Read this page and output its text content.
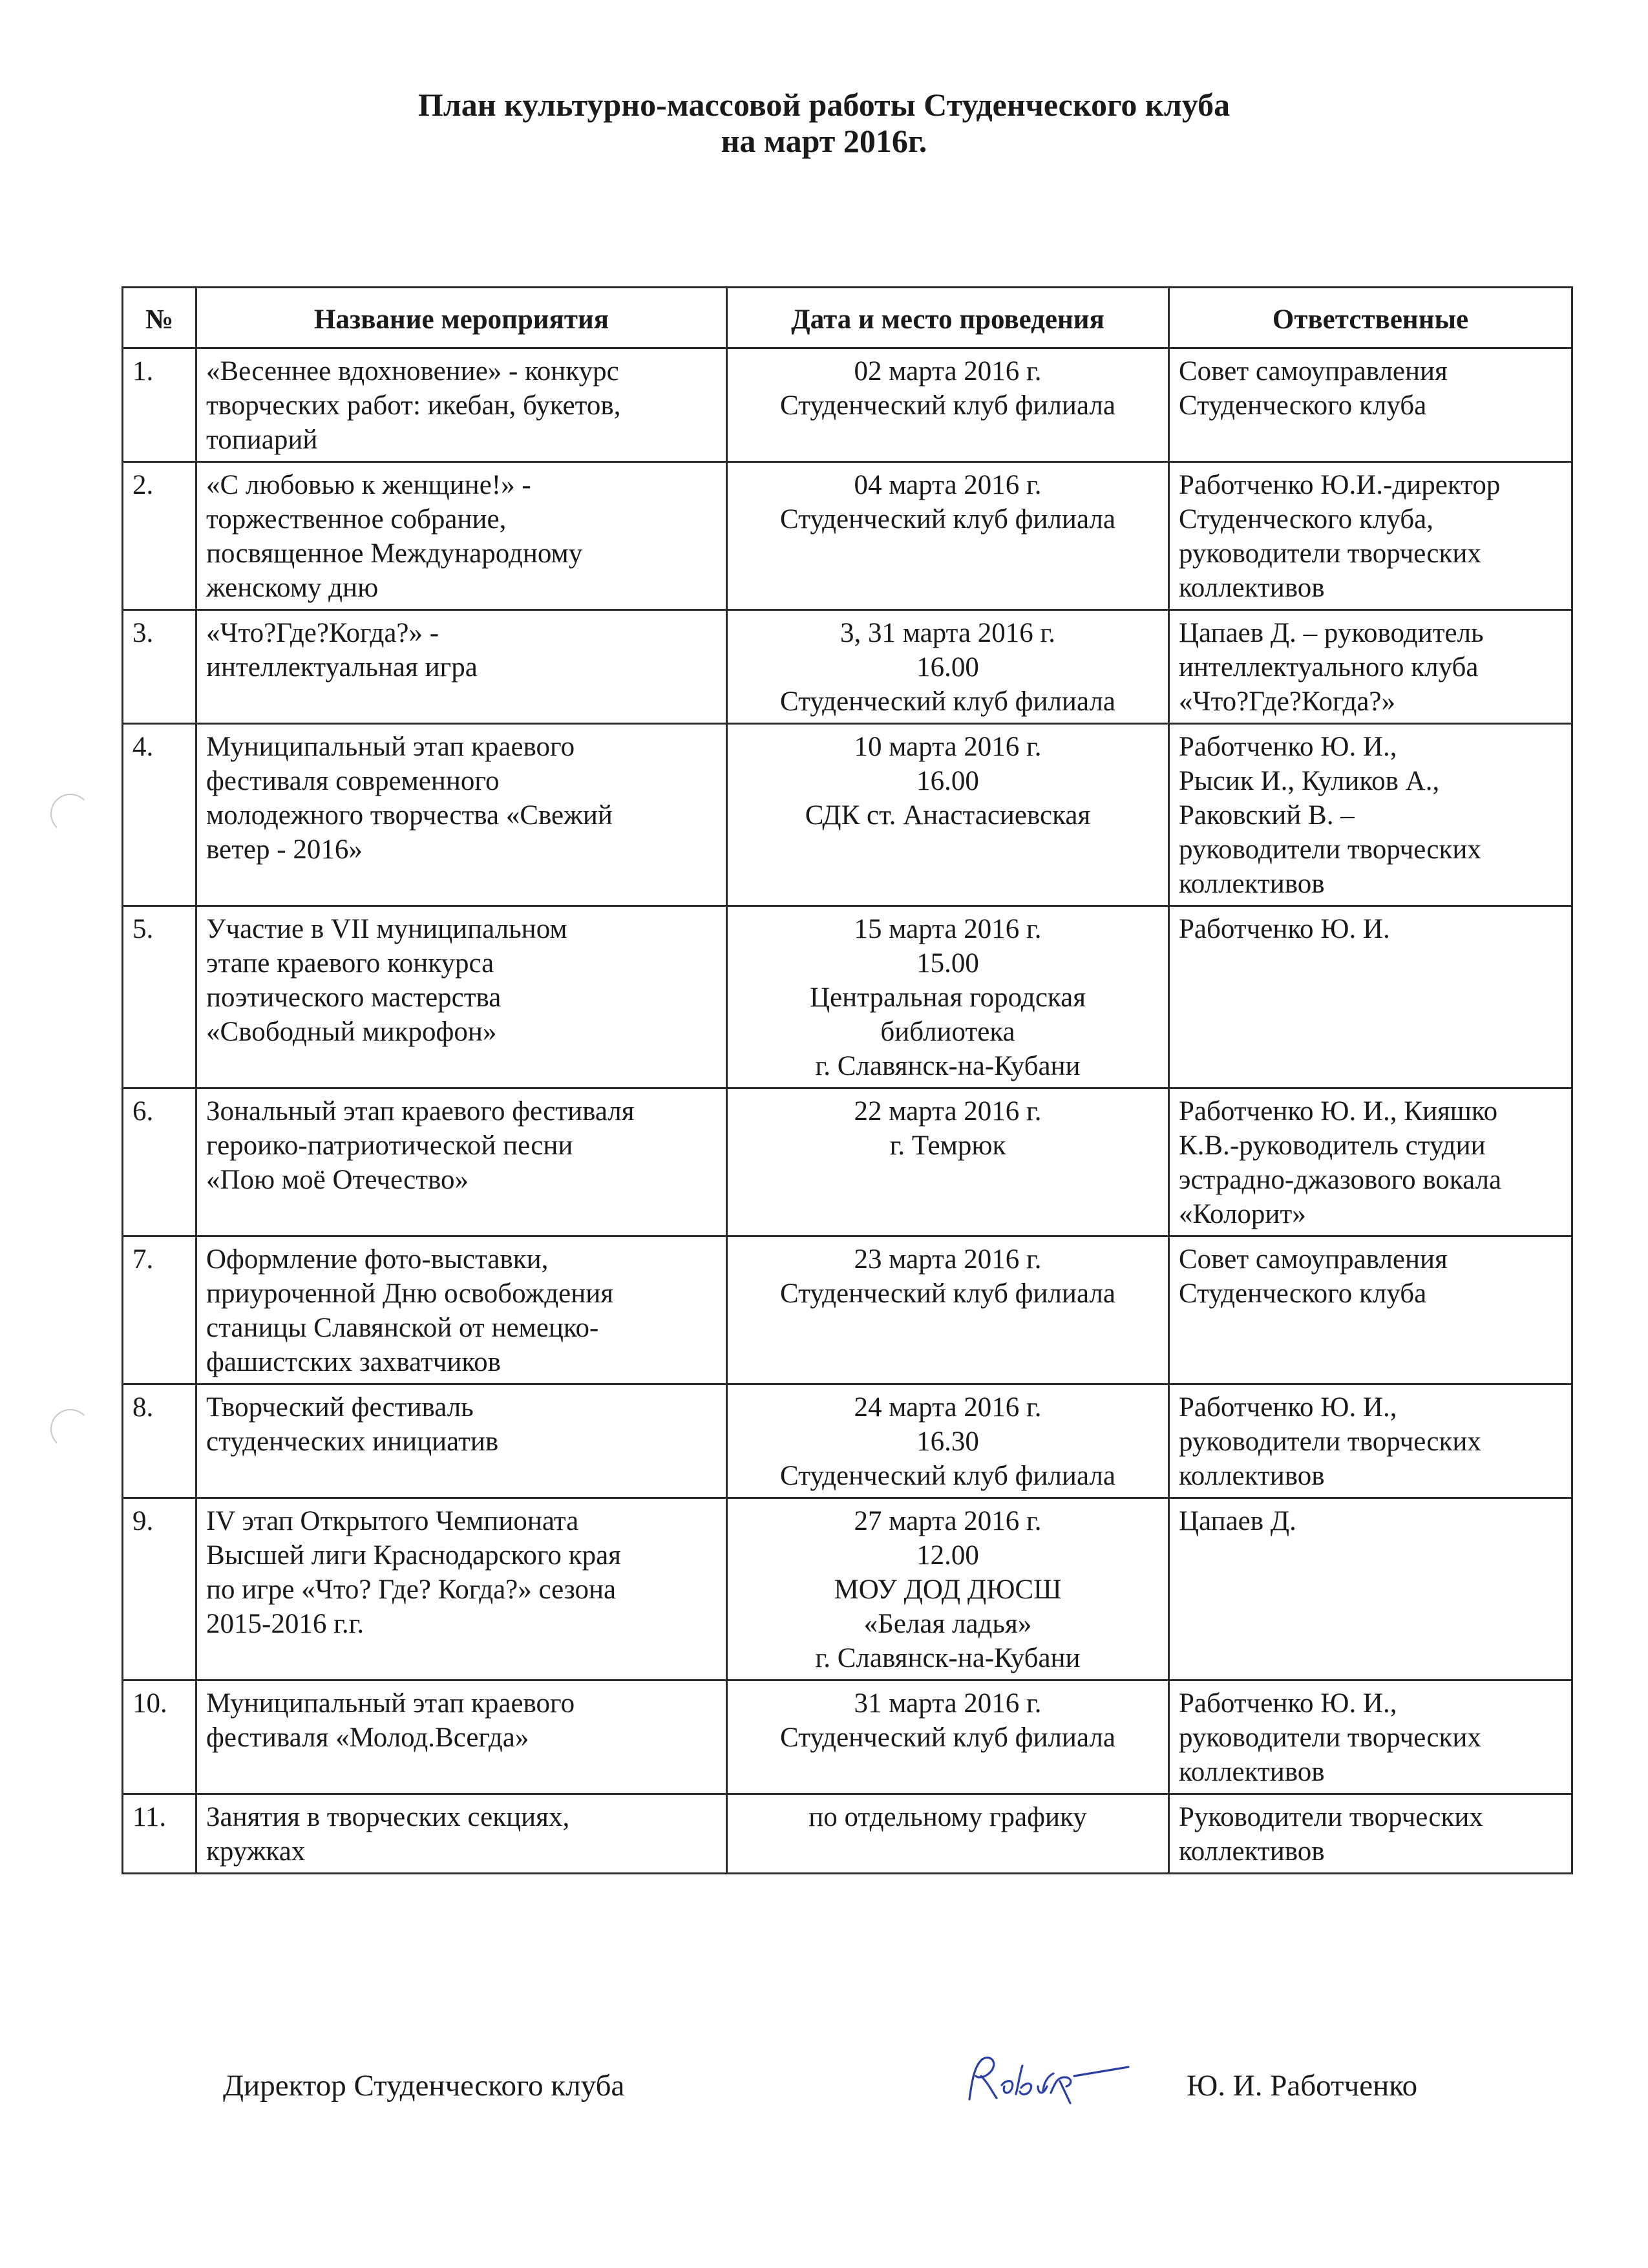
План культурно-массовой работы Студенческого клуба
на март 2016г.
№	Название мероприятия	Дата и место проведения	Ответственные
1.	«Весеннее вдохновение» - конкурс
творческих работ: икебан, букетов,
топиарий	02 марта 2016 г.
Студенческий клуб филиала	Совет самоуправления
Студенческого клуба

2.	«С любовью к женщине!» -
торжественное собрание,
посвященное Международному
женскому дню	04 марта 2016 г.
Студенческий клуб филиала	Работченко Ю.И.-директор
Студенческого клуба,
руководители творческих
коллективов

3.	«Что?Где?Когда?» -
интеллектуальная игра	3, 31 марта 2016 г.
16.00
Студенческий клуб филиала	Цапаев Д. – руководитель
интеллектуального клуба
«Что?Где?Когда?»

4.	Муниципальный этап краевого
фестиваля современного
молодежного творчества «Свежий
ветер - 2016»	10 марта 2016 г.
16.00
СДК ст. Анастасиевская	Работченко Ю. И.,
Рысик И., Куликов А.,
Раковский В. –
руководители творческих
коллективов

5.	Участие в VII муниципальном
этапе краевого конкурса
поэтического мастерства
«Свободный микрофон»	15 марта 2016 г.
15.00
Центральная городская
библиотека
г. Славянск-на-Кубани	Работченко Ю. И.

6.	Зональный этап краевого фестиваля
героико-патриотической песни
«Пою моё Отечество»	22 марта 2016 г.
г. Темрюк	Работченко Ю. И., Кияшко
К.В.-руководитель студии
эстрадно-джазового вокала
«Колорит»

7.	Оформление фото-выставки,
приуроченной Дню освобождения
станицы Славянской от немецко-
фашистских захватчиков	23 марта 2016 г.
Студенческий клуб филиала	Совет самоуправления
Студенческого клуба

8.	Творческий фестиваль
студенческих инициатив	24 марта 2016 г.
16.30
Студенческий клуб филиала	Работченко Ю. И.,
руководители творческих
коллективов

9.	IV этап Открытого Чемпионата
Высшей лиги Краснодарского края
по игре «Что? Где? Когда?» сезона
2015-2016 г.г.	27 марта 2016 г.
12.00
МОУ ДОД ДЮСШ
«Белая ладья»
г. Славянск-на-Кубани	Цапаев Д.

10.	Муниципальный этап краевого
фестиваля «Молод.Всегда»	31 марта 2016 г.
Студенческий клуб филиала	Работченко Ю. И.,
руководители творческих
коллективов

11.	Занятия в творческих секциях,
кружках	по отдельному графику	Руководители творческих
коллективов
Директор Студенческого клуба	Ю. И. Работченко
